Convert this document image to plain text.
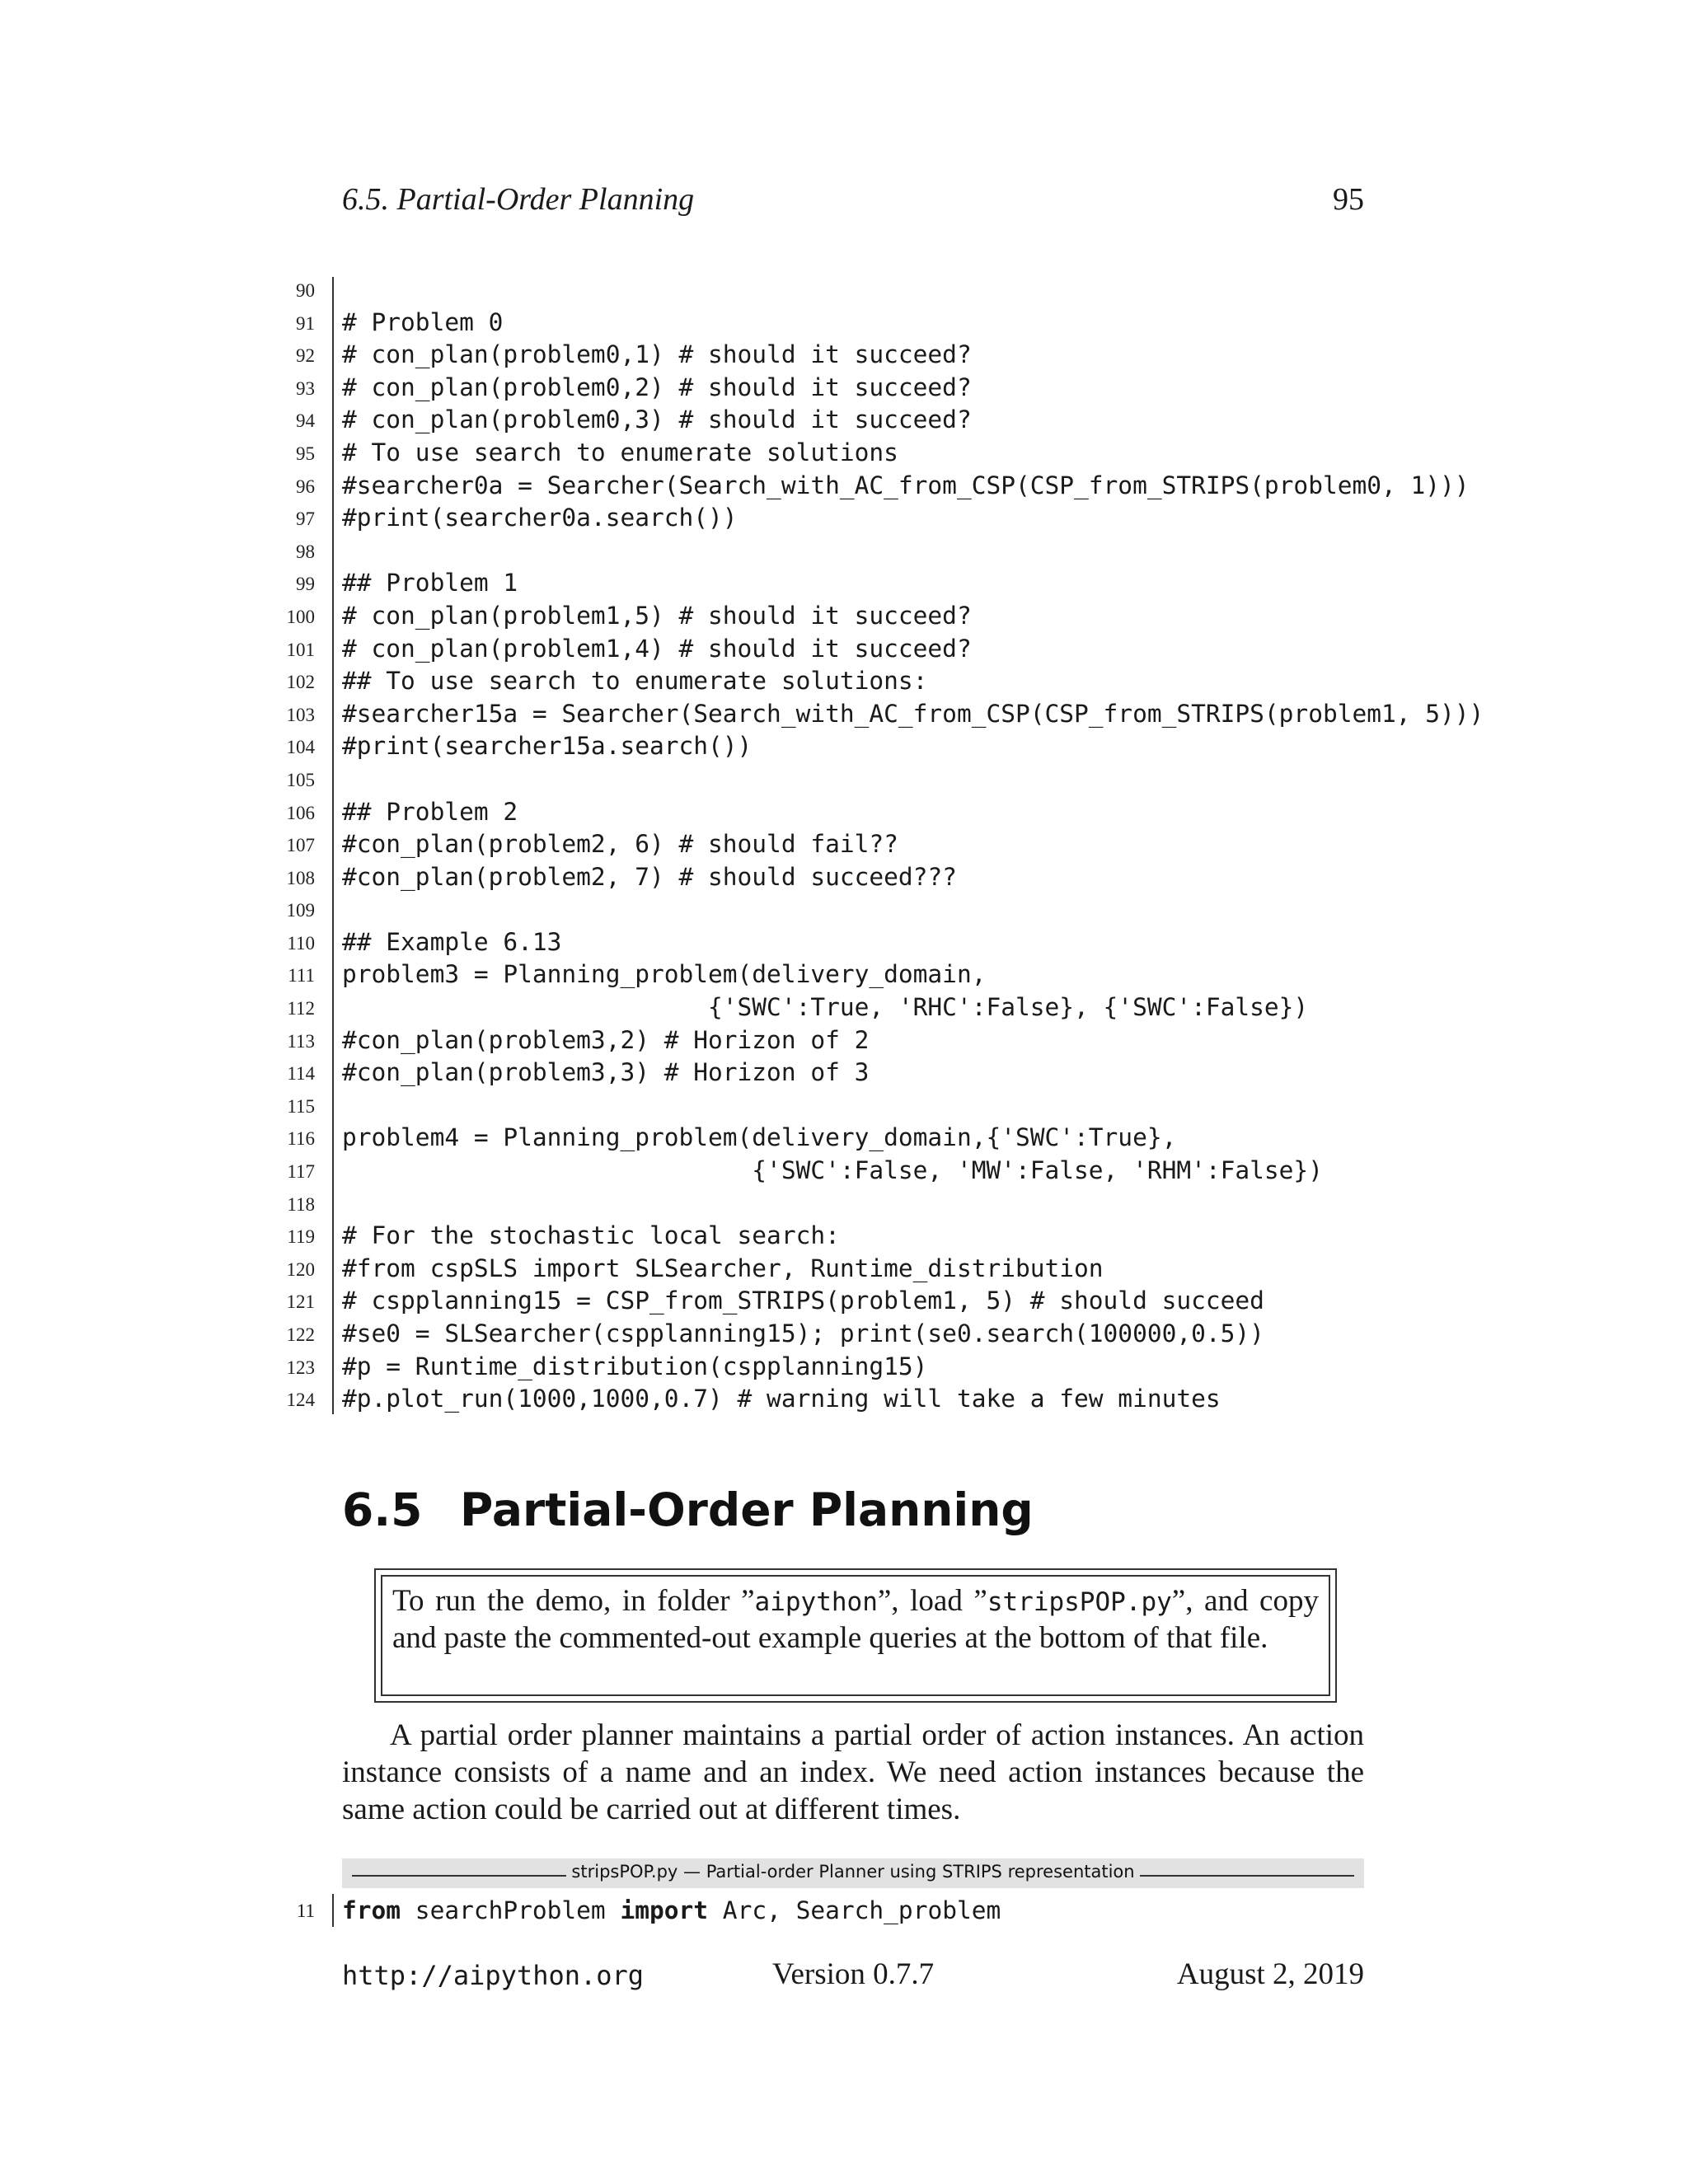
6.5. Partial-Order Planning	95
90
91 # Problem 0
92 # con_plan(problem0,1) # should it succeed?
93 # con_plan(problem0,2) # should it succeed?
94 # con_plan(problem0,3) # should it succeed?
95 # To use search to enumerate solutions
96 #searcher0a = Searcher(Search_with_AC_from_CSP(CSP_from_STRIPS(problem0, 1)))
97 #print(searcher0a.search())
98
99 ## Problem 1
100 # con_plan(problem1,5) # should it succeed?
101 # con_plan(problem1,4) # should it succeed?
102 ## To use search to enumerate solutions:
103 #searcher15a = Searcher(Search_with_AC_from_CSP(CSP_from_STRIPS(problem1, 5)))
104 #print(searcher15a.search())
105
106 ## Problem 2
107 #con_plan(problem2, 6) # should fail??
108 #con_plan(problem2, 7) # should succeed???
109
110 ## Example 6.13
111 problem3 = Planning_problem(delivery_domain,
112 {'SWC':True, 'RHC':False}, {'SWC':False})
113 #con_plan(problem3,2) # Horizon of 2
114 #con_plan(problem3,3) # Horizon of 3
115
116 problem4 = Planning_problem(delivery_domain,{'SWC':True},
117 {'SWC':False, 'MW':False, 'RHM':False})
118
119 # For the stochastic local search:
120 #from cspSLS import SLSearcher, Runtime_distribution
121 # cspplanning15 = CSP_from_STRIPS(problem1, 5) # should succeed
122 #se0 = SLSearcher(cspplanning15); print(se0.search(100000,0.5))
123 #p = Runtime_distribution(cspplanning15)
124 #p.plot_run(1000,1000,0.7) # warning will take a few minutes
6.5 Partial-Order Planning
To run the demo, in folder ”aipython”, load ”stripsPOP.py”, and copy and paste the commented-out example queries at the bottom of that file.

A partial order planner maintains a partial order of action instances. An action instance consists of a name and an index. We need action instances because the same action could be carried out at different times.

stripsPOP.py — Partial-order Planner using STRIPS representation
11 from searchProblem import Arc, Search_problem
http://aipython.org	Version 0.7.7	August 2, 2019
